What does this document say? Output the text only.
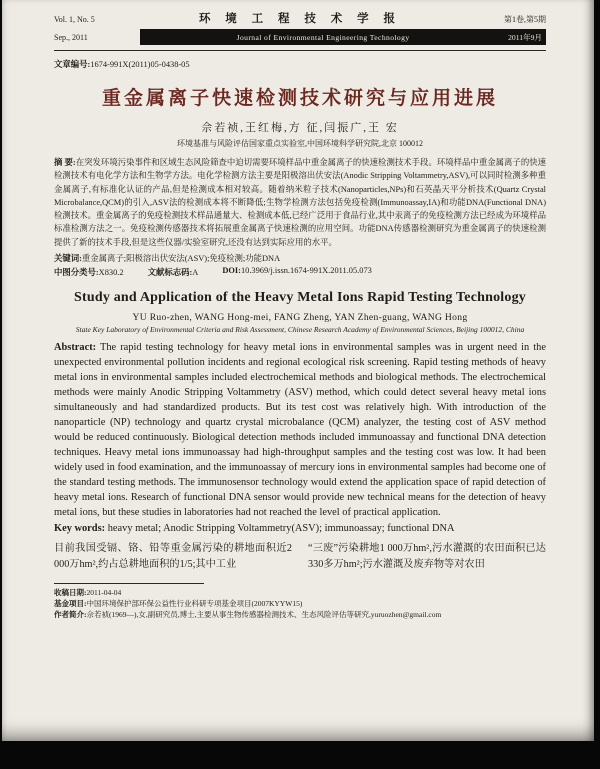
Vol. 1, No. 5	环 境 工 程 技 术 学 报	第1卷,第5期
Sep., 2011	Journal of Environmental Engineering Technology	2011年9月
文章编号:1674-991X(2011)05-0438-05
重金属离子快速检测技术研究与应用进展
佘若祯,王红梅,方 征,闫振广,王 宏
环境基准与风险评估国家重点实验室,中国环境科学研究院,北京 100012

摘 要:在突发环境污染事件和区域生态风险筛查中迫切需要环境样品中重金属离子的快速检测技术手段。环境样品中重金属离子的快速检测技术有电化学方法和生物学方法。电化学检测方法主要是阳极溶出伏安法(Anodic Stripping Voltammetry,ASV),可以同时检测多种重金属离子,有标准化认证的产品,但是检测成本相对较高。随着纳米粒子技术(Nanoparticles,NPs)和石英晶天平分析技术(Quartz Crystal Microbalance,QCM)的引入,ASV法的检测成本将不断降低;生物学检测方法包括免疫检测(Immunoassay,IA)和功能DNA(Functional DNA)检测技术。重金属离子的免疫检测技术样品通量大、检测成本低,已经广泛用于食品行业,其中汞离子的免疫检测方法已经成为环境样品标准检测方法之一。免疫检测传感器技术将拓展重金属离子快速检测的应用空间。功能DNA传感器检测研究为重金属离子的快速检测提供了新的技术手段,但是这些仪器/实验室研究,还没有达到实际应用的水平。

关键词:重金属离子;阳极溶出伏安法(ASV);免疫检测;功能DNA

中图分类号:X830.2	文献标志码:A	DOI:10.3969/j.issn.1674-991X.2011.05.073

Study and Application of the Heavy Metal Ions Rapid Testing Technology
YU Ruo-zhen, WANG Hong-mei, FANG Zheng, YAN Zhen-guang, WANG Hong
State Key Laboratory of Environmental Criteria and Risk Assessment, Chinese Research Academy of Environmental Sciences, Beijing 100012, China

Abstract: The rapid testing technology for heavy metal ions in environmental samples was in urgent need in the unexpected environmental pollution incidents and regional ecological risk screening. Rapid testing methods of heavy metal ions in environmental samples included electrochemical methods and biological methods. The electrochemical methods were mainly Anodic Stripping Voltammetry (ASV) method, which could detect several heavy metal ions simultaneously and had standardized products. But its test cost was relatively high. With introduction of the nanoparticle (NP) technology and quartz crystal microbalance (QCM) analyzer, the testing cost of ASV method would be reduced continuously. Biological detection methods included immunoassay and functional DNA detection techniques. Heavy metal ions immunoassay had high-throughput samples and the testing cost was low. It had been widely used in food examination, and the immunoassay of mercury ions in environmental samples had become one of the standard testing methods. The immunosensor technology would extend the application space of rapid detection of heavy metal ions. Research of functional DNA sensor would provide new technical means for the detection of heavy metal ions, but these studies in laboratories had not reached the level of practical application.

Key words: heavy metal; Anodic Stripping Voltammetry(ASV); immunoassay; functional DNA

目前我国受镉、铬、铅等重金属污染的耕地面积近2 000万hm²,约占总耕地面积的1/5;其中工业

“三废”污染耕地1 000万hm²,污水灌溉的农田面积已达330多万hm²;污水灌溉及废弃物等对农田

收稿日期:2011-04-04
基金项目:中国环境保护部环保公益性行业科研专项基金项目(2007KYYW15)
作者简介:佘若祯(1969—),女,副研究员,博士,主要从事生物传感器检测技术、生态风险评估等研究,yuruozhen@gmail.com
